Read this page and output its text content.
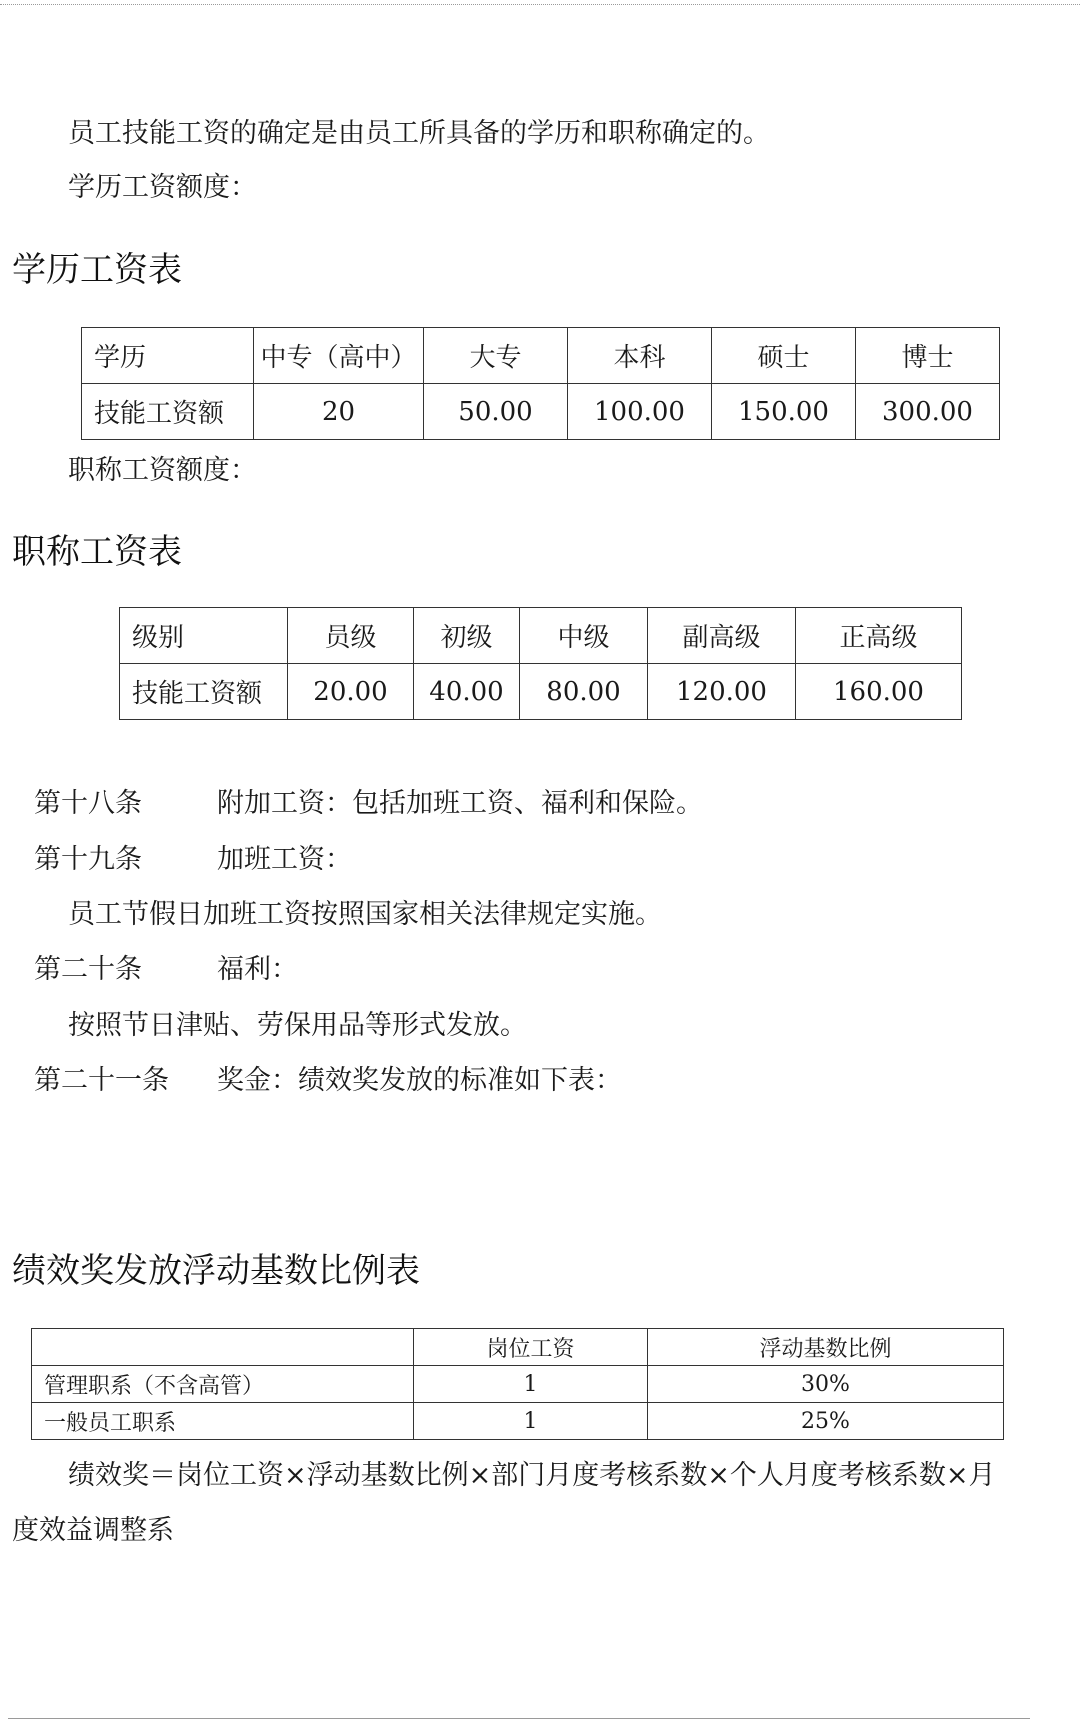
员工技能工资的确定是由员工所具备的学历和职称确定的。
学历工资额度：
学历工资表
学历	中专（高中）	大专	本科	硕士	博士
技能工资额	20	50.00	100.00	150.00	300.00
职称工资额度：
职称工资表
级别	员级	初级	中级	副高级	正高级
技能工资额	20.00	40.00	80.00	120.00	160.00
第十八条	附加工资：包括加班工资、福利和保险。
第十九条	加班工资：
员工节假日加班工资按照国家相关法律规定实施。
第二十条	福利：
按照节日津贴、劳保用品等形式发放。
第二十一条 奖金：绩效奖发放的标准如下表：
绩效奖发放浮动基数比例表
	岗位工资	浮动基数比例
管理职系（不含高管）	1	30%
一般员工职系	1	25%
绩效奖＝岗位工资×浮动基数比例×部门月度考核系数×个人月度考核系数×月
度效益调整系
